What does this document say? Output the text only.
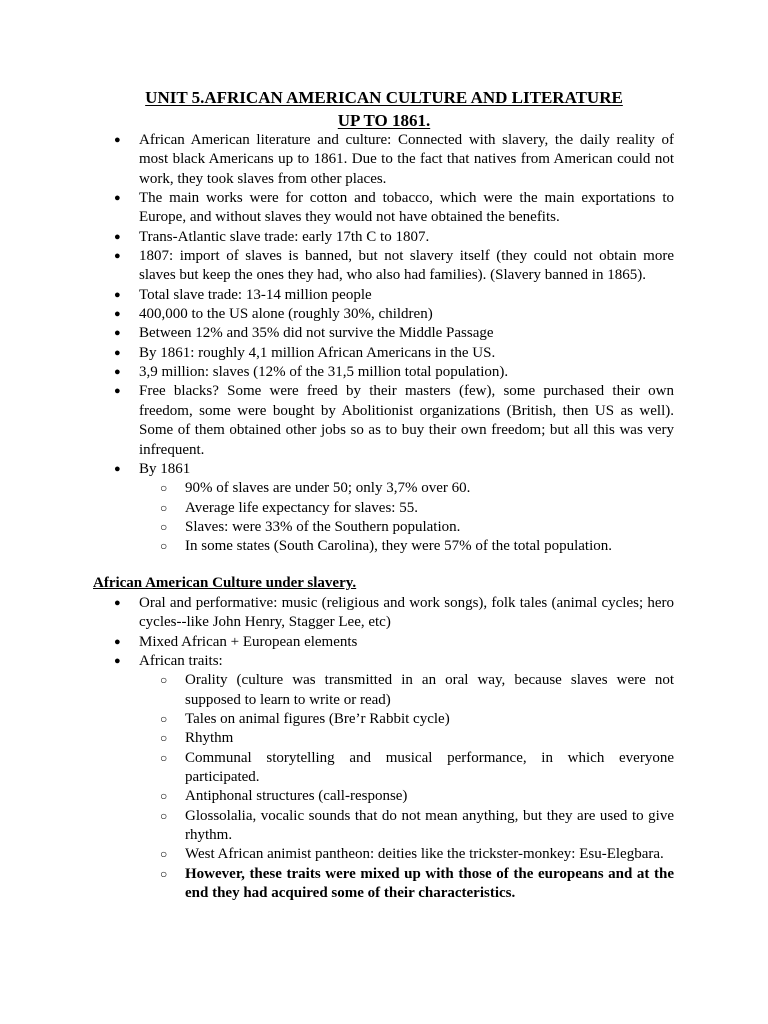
UNIT 5.AFRICAN AMERICAN CULTURE AND LITERATURE
UP TO 1861.
●	African American literature and culture: Connected with slavery, the daily reality of most black Americans up to 1861. Due to the fact that natives from American could not work, they took slaves from other places.
●	The main works were for cotton and tobacco, which were the main exportations to Europe, and without slaves they would not have obtained the benefits.
●	Trans-Atlantic slave trade: early 17th C to 1807.
●	1807: import of slaves is banned, but not slavery itself (they could not obtain more slaves but keep the ones they had, who also had families). (Slavery banned in 1865).
●	Total slave trade: 13-14 million people
●	400,000 to the US alone (roughly 30%, children)
●	Between 12% and 35% did not survive the Middle Passage
●	By 1861: roughly 4,1 million African Americans in the US.
●	3,9 million: slaves (12% of the 31,5 million total population).
●	Free blacks? Some were freed by their masters (few), some purchased their own freedom, some were bought by Abolitionist organizations (British, then US as well). Some of them obtained other jobs so as to buy their own freedom; but all this was very infrequent.
●	By 1861
○	90% of slaves are under 50; only 3,7% over 60.
○	Average life expectancy for slaves: 55.
○	Slaves: were 33% of the Southern population.
○	In some states (South Carolina), they were 57% of the total population.
African American Culture under slavery.
●	Oral and performative: music (religious and work songs), folk tales (animal cycles; hero cycles--like John Henry, Stagger Lee, etc)
●	Mixed African + European elements
●	African traits:
○	Orality (culture was transmitted in an oral way, because slaves were not supposed to learn to write or read)
○	Tales on animal figures (Bre’r Rabbit cycle)
○	Rhythm
○	Communal storytelling and musical performance, in which everyone participated.
○	Antiphonal structures (call-response)
○	Glossolalia, vocalic sounds that do not mean anything, but they are used to give rhythm.
○	West African animist pantheon: deities like the trickster-monkey: Esu-Elegbara.
○	However, these traits were mixed up with those of the europeans and at the end they had acquired some of their characteristics.
